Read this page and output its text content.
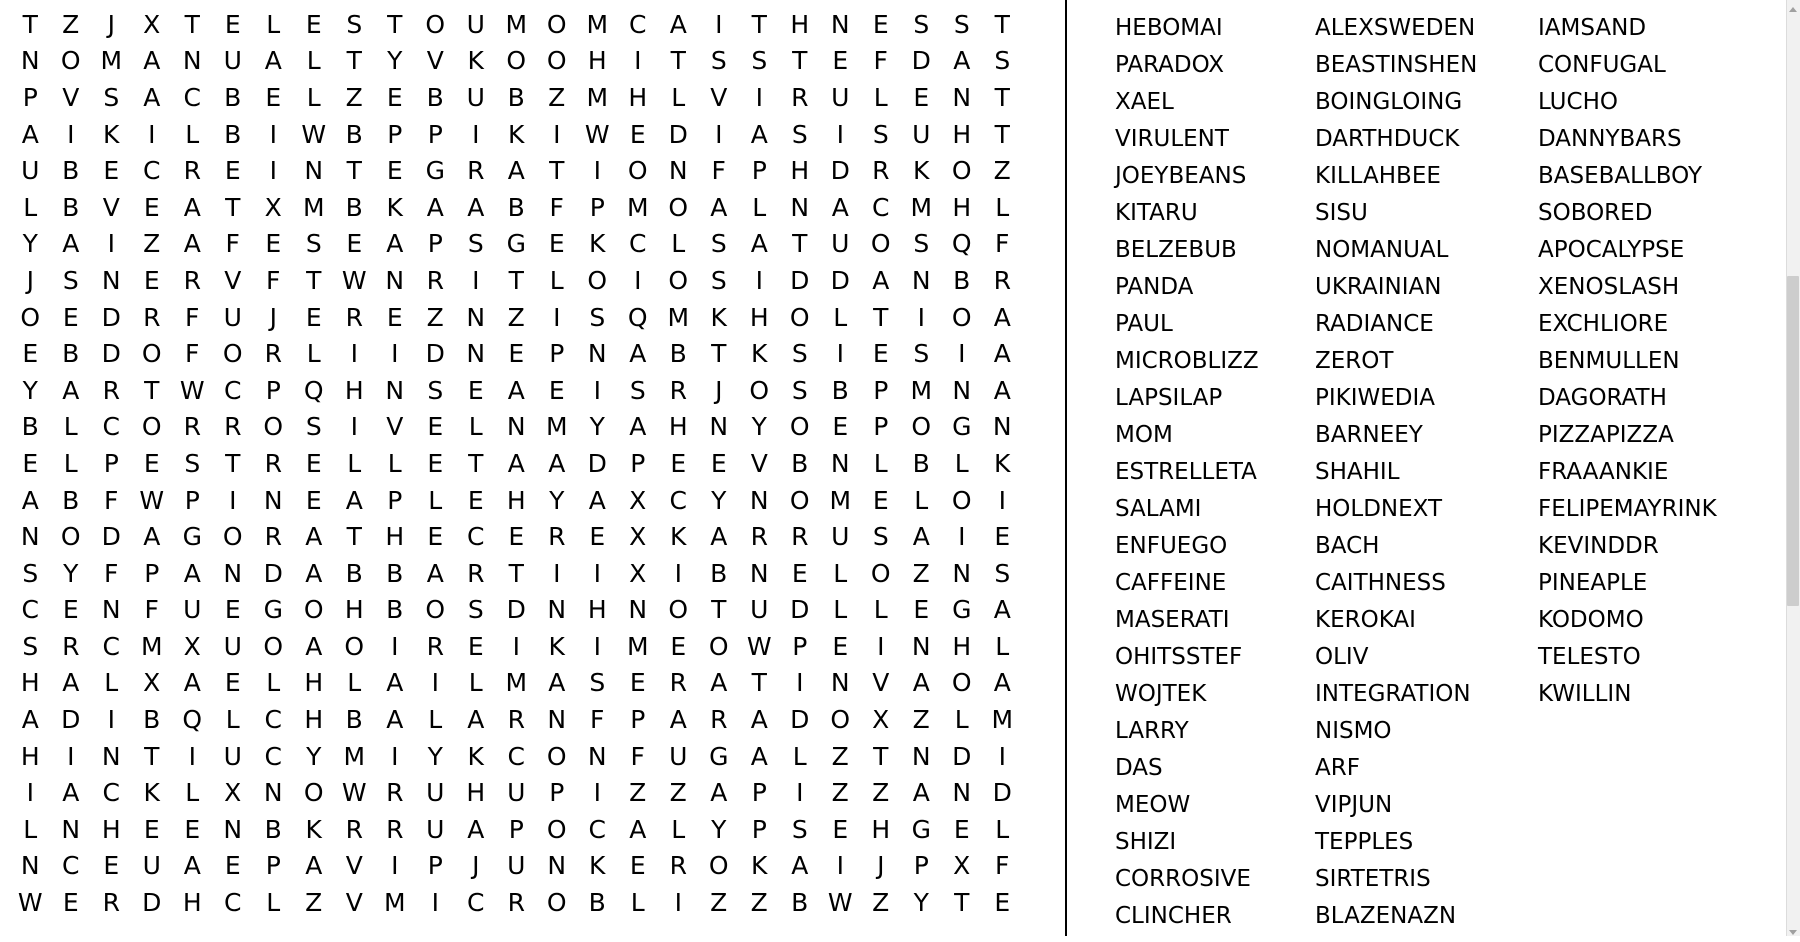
T Z	J	X T E	L	E S T O U M O M C A	I	T H N E S S T
N O M A N U A L	T	Y V K O O H	I	T S S T E	F D A S
P V S A C B E	L Z E B U B Z M H L V	I	R U L	E N T
A	I	K	I	L B	I W B P	P	I	K	I W E D	I	A S	I	S U H T
U B E C R E	I	N T E G R A T	I	O N F	P H D R K O Z
L B V E A T X M B K A A B F	P M O A L N A C M H L
Y A	I	Z A F	E S E A P	S G E K C L	S A T U O S Q F
J	S N E R V F	T W N R	I	T	L O	I	O S	I	D D A N B R
O E D R F U	J	E R E Z N Z	I	S Q M K H O L	T	I	O A
E B D O F O R L	I	I	D N E	P N A B T K S	I	E S	I	A
Y A R T W C P Q H N S E A E	I	S R	J	O S B P M N A
B L C O R R O S	I	V E	L N M Y A H N Y O E	P O G N
E	L	P	E S T R E	L	L	E T A A D P	E E V B N L B L	K
A B F W P	I	N E A P	L	E H Y A X C Y N O M E	L O	I
N O D A G O R A T H E C E R E X K A R R U S A	I	E
S Y	F	P A N D A B B A R T	I	I	X	I	B N E	L O Z N S
C E N F U E G O H B O S D N H N O T U D L	L	E G A
S R C M X U O A O	I	R E	I	K	I	M E O W P	E	I	N H L
H A L X A E	L H L A	I	L M A S E R A T	I	N V A O A
A D	I	B Q L C H B A L A R N F	P A R A D O X Z L M
H	I	N T	I	U C Y M	I	Y K C O N F U G A L Z T N D	I
I	A C K	L X N O W R U H U P	I	Z Z A P	I	Z Z A N D
L N H E E N B K R R U A P O C A L	Y	P	S E H G E	L
N C E U A E	P A V	I	P	J	U N K E R O K A	I	J	P X F
W E R D H C L Z V M	I	C R O B L	I	Z Z B W Z Y	T E
HEBOMAI
PARADOX
XAEL
VIRULENT
JOEYBEANS
KITARU
BELZEBUB
PANDA
PAUL
MICROBLIZZ
LAPSILAP
MOM
ESTRELLETA
SALAMI
ENFUEGO
CAFFEINE
MASERATI
OHITSSTEF
WOJTEK
LARRY
DAS
MEOW
SHIZI
CORROSIVE
CLINCHER
ALEXSWEDEN
BEASTINSHEN
BOINGLOING
DARTHDUCK
KILLAHBEE
SISU
NOMANUAL
UKRAINIAN
RADIANCE
ZEROT
PIKIWEDIA
BARNEEY
SHAHIL
HOLDNEXT
BACH
CAITHNESS
KEROKAI
OLIV
INTEGRATION
NISMO
ARF
VIPJUN
TEPPLES
SIRTETRIS
BLAZENAZN
IAMSAND
CONFUGAL
LUCHO
DANNYBARS
BASEBALLBOY
SOBORED
APOCALYPSE
XENOSLASH
EXCHLIORE
BENMULLEN
DAGORATH
PIZZAPIZZA
FRAAANKIE
FELIPEMAYRINK
KEVINDDR
PINEAPLE
KODOMO
TELESTO
KWILLIN
